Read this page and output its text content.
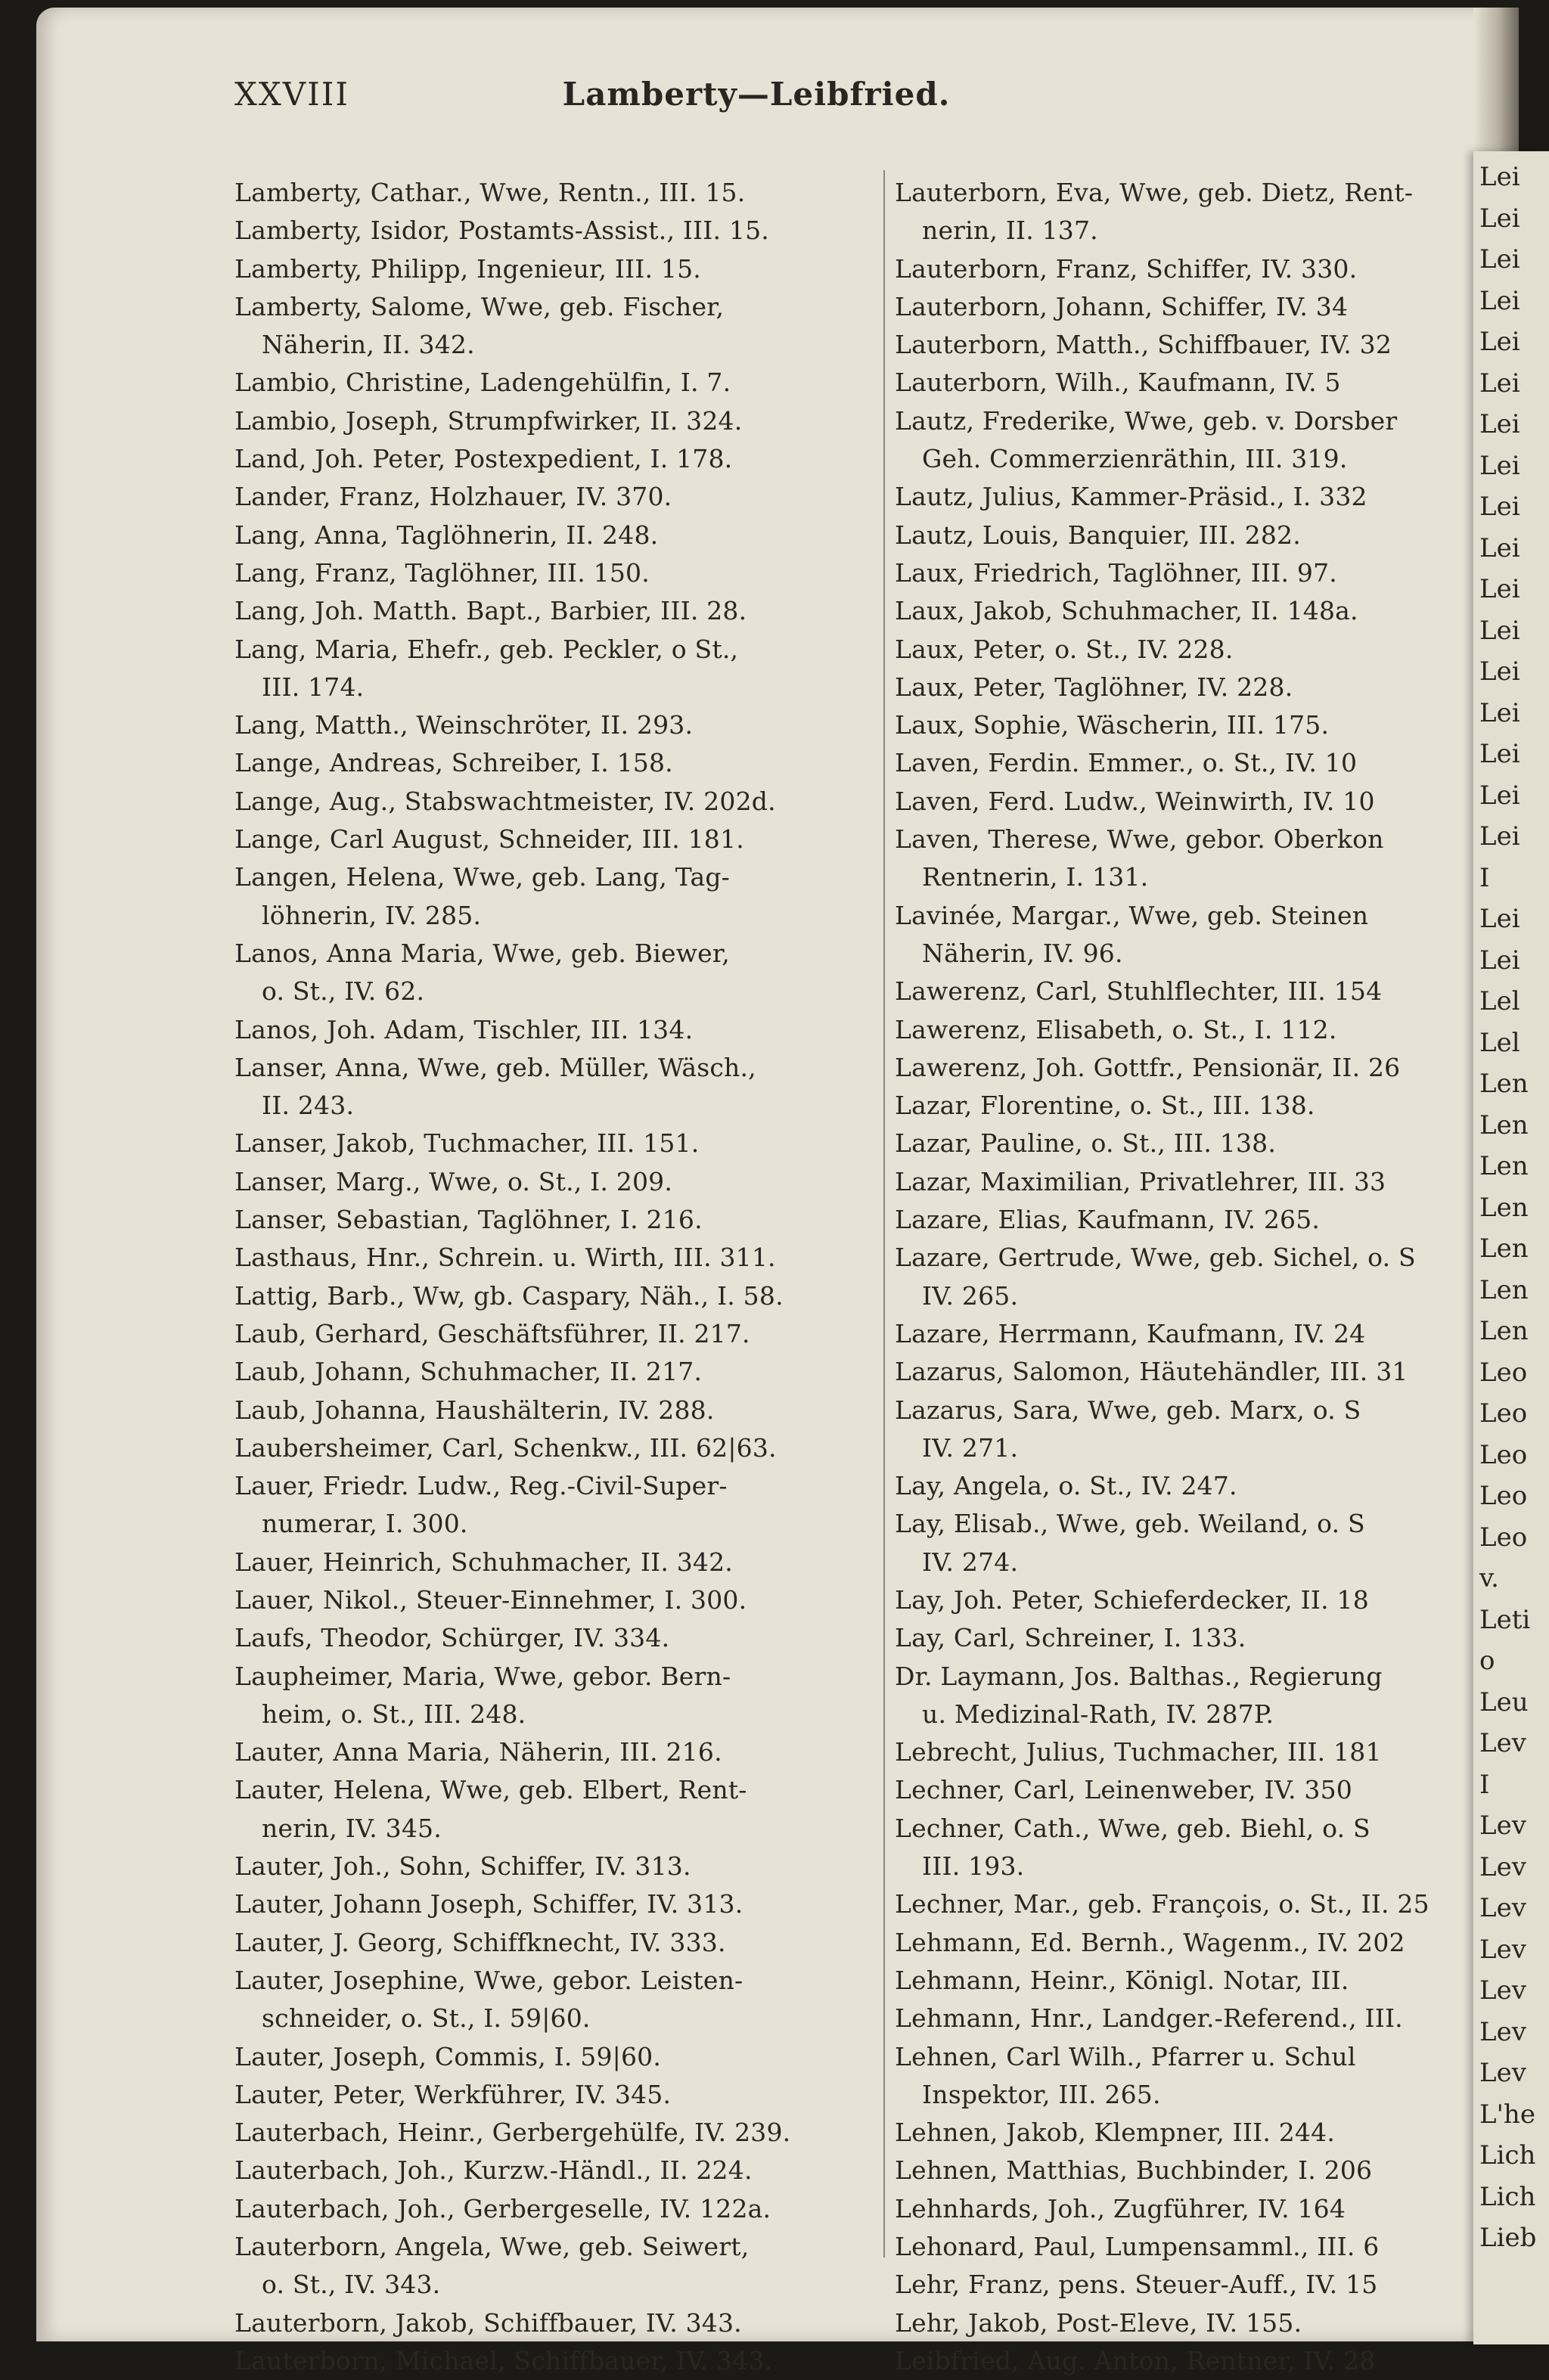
Lei
Lei
Lei
Lei
Lei
Lei
Lei
Lei
Lei
Lei
Lei
Lei
Lei
Lei
Lei
Lei
Lei
I
Lei
Lei
Lel
Lel
Len
Len
Len
Len
Len
Len
Len
Leo
Leo
Leo
Leo
Leo
v.
Leti
o
Leu
Lev
I
Lev
Lev
Lev
Lev
Lev
Lev
Lev
L'he
Lich
Lich
Lieb
XXVIII	Lamberty—Leibfried.
Lamberty, Cathar., Wwe, Rentn., III. 15.
Lamberty, Isidor, Postamts-Assist., III. 15.
Lamberty, Philipp, Ingenieur, III. 15.
Lamberty, Salome, Wwe, geb. Fischer,
Näherin, II. 342.
Lambio, Christine, Ladengehülfin, I. 7.
Lambio, Joseph, Strumpfwirker, II. 324.
Land, Joh. Peter, Postexpedient, I. 178.
Lander, Franz, Holzhauer, IV. 370.
Lang, Anna, Taglöhnerin, II. 248.
Lang, Franz, Taglöhner, III. 150.
Lang, Joh. Matth. Bapt., Barbier, III. 28.
Lang, Maria, Ehefr., geb. Peckler, o St.,
III. 174.
Lang, Matth., Weinschröter, II. 293.
Lange, Andreas, Schreiber, I. 158.
Lange, Aug., Stabswachtmeister, IV. 202d.
Lange, Carl August, Schneider, III. 181.
Langen, Helena, Wwe, geb. Lang, Tag-
löhnerin, IV. 285.
Lanos, Anna Maria, Wwe, geb. Biewer,
o. St., IV. 62.
Lanos, Joh. Adam, Tischler, III. 134.
Lanser, Anna, Wwe, geb. Müller, Wäsch.,
II. 243.
Lanser, Jakob, Tuchmacher, III. 151.
Lanser, Marg., Wwe, o. St., I. 209.
Lanser, Sebastian, Taglöhner, I. 216.
Lasthaus, Hnr., Schrein. u. Wirth, III. 311.
Lattig, Barb., Ww, gb. Caspary, Näh., I. 58.
Laub, Gerhard, Geschäftsführer, II. 217.
Laub, Johann, Schuhmacher, II. 217.
Laub, Johanna, Haushälterin, IV. 288.
Laubersheimer, Carl, Schenkw., III. 62|63.
Lauer, Friedr. Ludw., Reg.-Civil-Super-
numerar, I. 300.
Lauer, Heinrich, Schuhmacher, II. 342.
Lauer, Nikol., Steuer-Einnehmer, I. 300.
Laufs, Theodor, Schürger, IV. 334.
Laupheimer, Maria, Wwe, gebor. Bern-
heim, o. St., III. 248.
Lauter, Anna Maria, Näherin, III. 216.
Lauter, Helena, Wwe, geb. Elbert, Rent-
nerin, IV. 345.
Lauter, Joh., Sohn, Schiffer, IV. 313.
Lauter, Johann Joseph, Schiffer, IV. 313.
Lauter, J. Georg, Schiffknecht, IV. 333.
Lauter, Josephine, Wwe, gebor. Leisten-
schneider, o. St., I. 59|60.
Lauter, Joseph, Commis, I. 59|60.
Lauter, Peter, Werkführer, IV. 345.
Lauterbach, Heinr., Gerbergehülfe, IV. 239.
Lauterbach, Joh., Kurzw.-Händl., II. 224.
Lauterbach, Joh., Gerbergeselle, IV. 122a.
Lauterborn, Angela, Wwe, geb. Seiwert,
o. St., IV. 343.
Lauterborn, Jakob, Schiffbauer, IV. 343.
Lauterborn, Michael, Schiffbauer, IV. 343.
Lauterborn, Eva, Wwe, geb. Dietz, Rent-
nerin, II. 137.
Lauterborn, Franz, Schiffer, IV. 330.
Lauterborn, Johann, Schiffer, IV. 34
Lauterborn, Matth., Schiffbauer, IV. 32
Lauterborn, Wilh., Kaufmann, IV. 5
Lautz, Frederike, Wwe, geb. v. Dorsber
Geh. Commerzienräthin, III. 319.
Lautz, Julius, Kammer-Präsid., I. 332
Lautz, Louis, Banquier, III. 282.
Laux, Friedrich, Taglöhner, III. 97.
Laux, Jakob, Schuhmacher, II. 148a.
Laux, Peter, o. St., IV. 228.
Laux, Peter, Taglöhner, IV. 228.
Laux, Sophie, Wäscherin, III. 175.
Laven, Ferdin. Emmer., o. St., IV. 10
Laven, Ferd. Ludw., Weinwirth, IV. 10
Laven, Therese, Wwe, gebor. Oberkon
Rentnerin, I. 131.
Lavinée, Margar., Wwe, geb. Steinen
Näherin, IV. 96.
Lawerenz, Carl, Stuhlflechter, III. 154
Lawerenz, Elisabeth, o. St., I. 112.
Lawerenz, Joh. Gottfr., Pensionär, II. 26
Lazar, Florentine, o. St., III. 138.
Lazar, Pauline, o. St., III. 138.
Lazar, Maximilian, Privatlehrer, III. 33
Lazare, Elias, Kaufmann, IV. 265.
Lazare, Gertrude, Wwe, geb. Sichel, o. S
IV. 265.
Lazare, Herrmann, Kaufmann, IV. 24
Lazarus, Salomon, Häutehändler, III. 31
Lazarus, Sara, Wwe, geb. Marx, o. S
IV. 271.
Lay, Angela, o. St., IV. 247.
Lay, Elisab., Wwe, geb. Weiland, o. S
IV. 274.
Lay, Joh. Peter, Schieferdecker, II. 18
Lay, Carl, Schreiner, I. 133.
Dr. Laymann, Jos. Balthas., Regierung
u. Medizinal-Rath, IV. 287P.
Lebrecht, Julius, Tuchmacher, III. 181
Lechner, Carl, Leinenweber, IV. 350
Lechner, Cath., Wwe, geb. Biehl, o. S
III. 193.
Lechner, Mar., geb. François, o. St., II. 25
Lehmann, Ed. Bernh., Wagenm., IV. 202
Lehmann, Heinr., Königl. Notar, III.
Lehmann, Hnr., Landger.-Referend., III.
Lehnen, Carl Wilh., Pfarrer u. Schul
Inspektor, III. 265.
Lehnen, Jakob, Klempner, III. 244.
Lehnen, Matthias, Buchbinder, I. 206
Lehnhards, Joh., Zugführer, IV. 164
Lehonard, Paul, Lumpensamml., III. 6
Lehr, Franz, pens. Steuer-Auff., IV. 15
Lehr, Jakob, Post-Eleve, IV. 155.
Leibfried, Aug. Anton, Rentner, IV. 28
